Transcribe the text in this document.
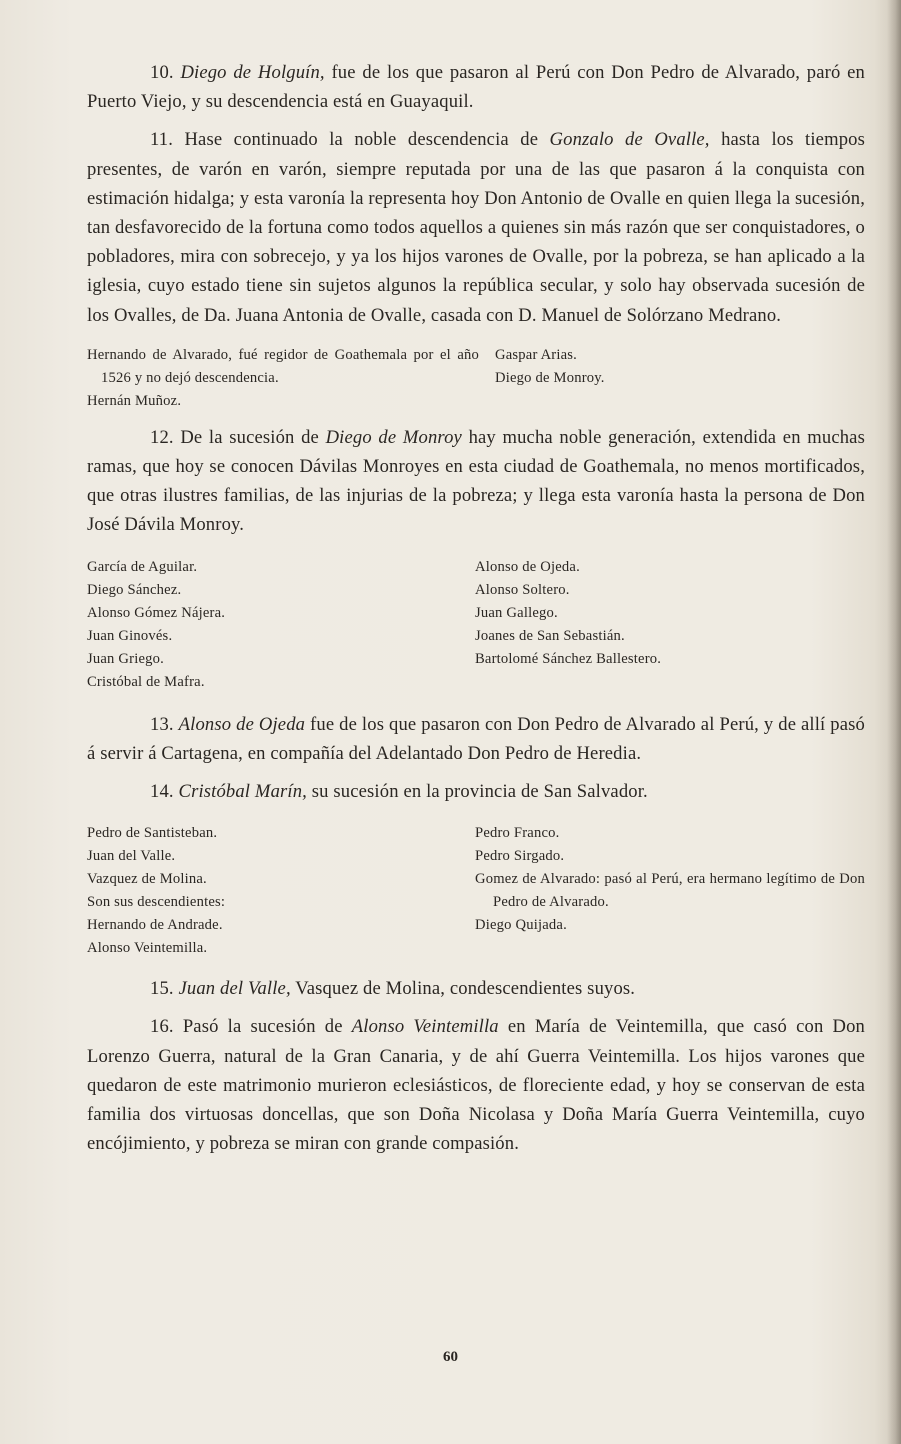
10. Diego de Holguín, fue de los que pasaron al Perú con Don Pedro de Alvarado, paró en Puerto Viejo, y su descendencia está en Guayaquil.

11. Hase continuado la noble descendencia de Gonzalo de Ovalle, hasta los tiempos presentes, de varón en varón, siempre reputada por una de las que pasaron á la conquista con estimación hidalga; y esta varonía la representa hoy Don Antonio de Ovalle en quien llega la sucesión, tan desfavorecido de la fortuna como todos aquellos a quienes sin más razón que ser conquistadores, o pobladores, mira con sobrecejo, y ya los hijos varones de Ovalle, por la pobreza, se han aplicado a la iglesia, cuyo estado tiene sin sujetos algunos la república secular, y solo hay observada sucesión de los Ovalles, de Da. Juana Antonia de Ovalle, casada con D. Manuel de Solórzano Medrano.

Hernando de Alvarado, fué regidor de Goathemala por el año 1526 y no dejó descendencia.
Hernán Muñoz.
Gaspar Arias.
Diego de Monroy.

12. De la sucesión de Diego de Monroy hay mucha noble generación, extendida en muchas ramas, que hoy se conocen Dávilas Monroyes en esta ciudad de Goathemala, no menos mortificados, que otras ilustres familias, de las injurias de la pobreza; y llega esta varonía hasta la persona de Don José Dávila Monroy.

García de Aguilar.
Diego Sánchez.
Alonso Gómez Nájera.
Juan Ginovés.
Juan Griego.
Cristóbal de Mafra.
Alonso de Ojeda.
Alonso Soltero.
Juan Gallego.
Joanes de San Sebastián.
Bartolomé Sánchez Ballestero.

13. Alonso de Ojeda fue de los que pasaron con Don Pedro de Alvarado al Perú, y de allí pasó á servir á Cartagena, en compañía del Adelantado Don Pedro de Heredia.

14. Cristóbal Marín, su sucesión en la provincia de San Salvador.

Pedro de Santisteban.
Juan del Valle.
Vazquez de Molina.
Son sus descendientes:
Hernando de Andrade.
Alonso Veintemilla.
Pedro Franco.
Pedro Sirgado.
Gomez de Alvarado: pasó al Perú, era hermano legítimo de Don Pedro de Alvarado.
Diego Quijada.

15. Juan del Valle, Vasquez de Molina, condescendientes suyos.

16. Pasó la sucesión de Alonso Veintemilla en María de Veintemilla, que casó con Don Lorenzo Guerra, natural de la Gran Canaria, y de ahí Guerra Veintemilla. Los hijos varones que quedaron de este matrimonio murieron eclesiásticos, de floreciente edad, y hoy se conservan de esta familia dos virtuosas doncellas, que son Doña Nicolasa y Doña María Guerra Veintemilla, cuyo encójimiento, y pobreza se miran con grande compasión.

60
